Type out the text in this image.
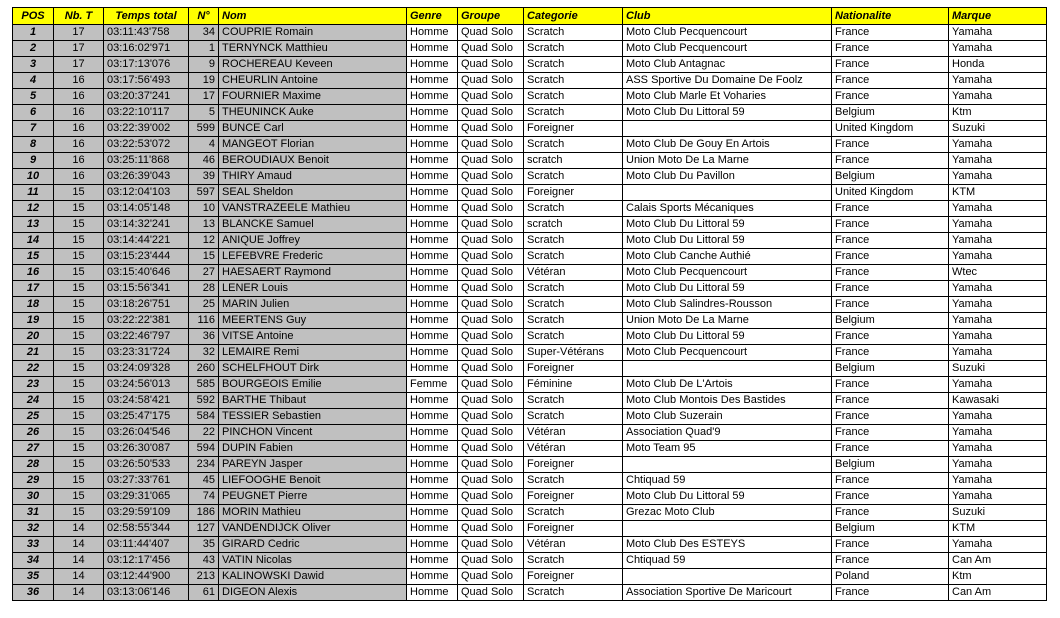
POS	Nb. T	Temps total	N°	Nom	Genre	Groupe	Categorie	Club	Nationalite	Marque
1	17	03:11:43'758	34	COUPRIE Romain	Homme	Quad Solo	Scratch	Moto Club Pecquencourt	France	Yamaha
2	17	03:16:02'971	1	TERNYNCK Matthieu	Homme	Quad Solo	Scratch	Moto Club Pecquencourt	France	Yamaha
3	17	03:17:13'076	9	ROCHEREAU Keveen	Homme	Quad Solo	Scratch	Moto Club Antagnac	France	Honda
4	16	03:17:56'493	19	CHEURLIN Antoine	Homme	Quad Solo	Scratch	ASS Sportive Du Domaine De Foolz	France	Yamaha
5	16	03:20:37'241	17	FOURNIER Maxime	Homme	Quad Solo	Scratch	Moto Club Marle Et Voharies	France	Yamaha
6	16	03:22:10'117	5	THEUNINCK Auke	Homme	Quad Solo	Scratch	Moto Club Du Littoral 59	Belgium	Ktm
7	16	03:22:39'002	599	BUNCE Carl	Homme	Quad Solo	Foreigner		United Kingdom	Suzuki
8	16	03:22:53'072	4	MANGEOT Florian	Homme	Quad Solo	Scratch	Moto Club De Gouy En Artois	France	Yamaha
9	16	03:25:11'868	46	BEROUDIAUX Benoit	Homme	Quad Solo	scratch	Union Moto De La Marne	France	Yamaha
10	16	03:26:39'043	39	THIRY Amaud	Homme	Quad Solo	Scratch	Moto Club Du Pavillon	Belgium	Yamaha
11	15	03:12:04'103	597	SEAL Sheldon	Homme	Quad Solo	Foreigner		United Kingdom	KTM
12	15	03:14:05'148	10	VANSTRAZEELE Mathieu	Homme	Quad Solo	Scratch	Calais Sports Mécaniques	France	Yamaha
13	15	03:14:32'241	13	BLANCKE Samuel	Homme	Quad Solo	scratch	Moto Club Du Littoral 59	France	Yamaha
14	15	03:14:44'221	12	ANIQUE Joffrey	Homme	Quad Solo	Scratch	Moto Club Du Littoral 59	France	Yamaha
15	15	03:15:23'444	15	LEFEBVRE Frederic	Homme	Quad Solo	Scratch	Moto Club Canche Authié	France	Yamaha
16	15	03:15:40'646	27	HAESAERT Raymond	Homme	Quad Solo	Vétéran	Moto Club Pecquencourt	France	Wtec
17	15	03:15:56'341	28	LENER Louis	Homme	Quad Solo	Scratch	Moto Club Du Littoral 59	France	Yamaha
18	15	03:18:26'751	25	MARIN Julien	Homme	Quad Solo	Scratch	Moto Club Salindres-Rousson	France	Yamaha
19	15	03:22:22'381	116	MEERTENS Guy	Homme	Quad Solo	Scratch	Union Moto De La Marne	Belgium	Yamaha
20	15	03:22:46'797	36	VITSE Antoine	Homme	Quad Solo	Scratch	Moto Club Du Littoral 59	France	Yamaha
21	15	03:23:31'724	32	LEMAIRE Remi	Homme	Quad Solo	Super-Vétérans	Moto Club Pecquencourt	France	Yamaha
22	15	03:24:09'328	260	SCHELFHOUT Dirk	Homme	Quad Solo	Foreigner		Belgium	Suzuki
23	15	03:24:56'013	585	BOURGEOIS Emilie	Femme	Quad Solo	Féminine	Moto Club De L'Artois	France	Yamaha
24	15	03:24:58'421	592	BARTHE Thibaut	Homme	Quad Solo	Scratch	Moto Club Montois Des Bastides	France	Kawasaki
25	15	03:25:47'175	584	TESSIER Sebastien	Homme	Quad Solo	Scratch	Moto Club Suzerain	France	Yamaha
26	15	03:26:04'546	22	PINCHON Vincent	Homme	Quad Solo	Vétéran	Association Quad'9	France	Yamaha
27	15	03:26:30'087	594	DUPIN Fabien	Homme	Quad Solo	Vétéran	Moto Team 95	France	Yamaha
28	15	03:26:50'533	234	PAREYN Jasper	Homme	Quad Solo	Foreigner		Belgium	Yamaha
29	15	03:27:33'761	45	LIEFOOGHE Benoit	Homme	Quad Solo	Scratch	Chtiquad 59	France	Yamaha
30	15	03:29:31'065	74	PEUGNET Pierre	Homme	Quad Solo	Foreigner	Moto Club Du Littoral 59	France	Yamaha
31	15	03:29:59'109	186	MORIN Mathieu	Homme	Quad Solo	Scratch	Grezac Moto Club	France	Suzuki
32	14	02:58:55'344	127	VANDENDIJCK Oliver	Homme	Quad Solo	Foreigner		Belgium	KTM
33	14	03:11:44'407	35	GIRARD Cedric	Homme	Quad Solo	Vétéran	Moto Club Des ESTEYS	France	Yamaha
34	14	03:12:17'456	43	VATIN Nicolas	Homme	Quad Solo	Scratch	Chtiquad 59	France	Can Am
35	14	03:12:44'900	213	KALINOWSKI Dawid	Homme	Quad Solo	Foreigner		Poland	Ktm
36	14	03:13:06'146	61	DIGEON Alexis	Homme	Quad Solo	Scratch	Association Sportive De Maricourt	France	Can Am
